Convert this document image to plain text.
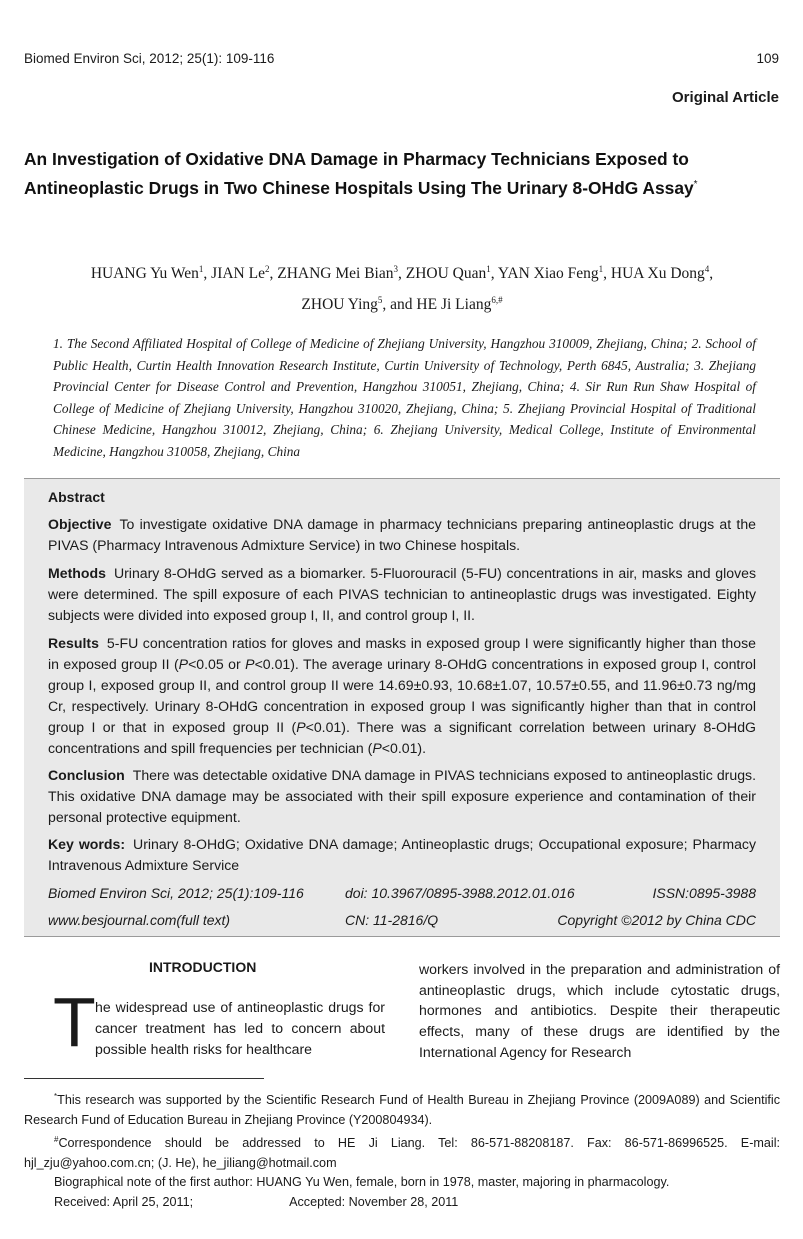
Biomed Environ Sci, 2012; 25(1): 109-116	109
Original Article
An Investigation of Oxidative DNA Damage in Pharmacy Technicians Exposed to Antineoplastic Drugs in Two Chinese Hospitals Using The Urinary 8-OHdG Assay*
HUANG Yu Wen$^1$, JIAN Le$^2$, ZHANG Mei Bian$^3$, ZHOU Quan$^1$, YAN Xiao Feng$^1$, HUA Xu Dong$^4$,
ZHOU Ying$^5$, and HE Ji Liang$^{6,\#}$
1. The Second Affiliated Hospital of College of Medicine of Zhejiang University, Hangzhou 310009, Zhejiang, China; 2. School of Public Health, Curtin Health Innovation Research Institute, Curtin University of Technology, Perth 6845, Australia; 3. Zhejiang Provincial Center for Disease Control and Prevention, Hangzhou 310051, Zhejiang, China; 4. Sir Run Run Shaw Hospital of College of Medicine of Zhejiang University, Hangzhou 310020, Zhejiang, China; 5. Zhejiang Provincial Hospital of Traditional Chinese Medicine, Hangzhou 310012, Zhejiang, China; 6. Zhejiang University, Medical College, Institute of Environmental Medicine, Hangzhou 310058, Zhejiang, China
Abstract
Objective To investigate oxidative DNA damage in pharmacy technicians preparing antineoplastic drugs at the PIVAS (Pharmacy Intravenous Admixture Service) in two Chinese hospitals.
Methods Urinary 8-OHdG served as a biomarker. 5-Fluorouracil (5-FU) concentrations in air, masks and gloves were determined. The spill exposure of each PIVAS technician to antineoplastic drugs was investigated. Eighty subjects were divided into exposed group I, II, and control group I, II.
Results 5-FU concentration ratios for gloves and masks in exposed group I were significantly higher than those in exposed group II (P<0.05 or P<0.01). The average urinary 8-OHdG concentrations in exposed group I, control group I, exposed group II, and control group II were 14.69±0.93, 10.68±1.07, 10.57±0.55, and 11.96±0.73 ng/mg Cr, respectively. Urinary 8-OHdG concentration in exposed group I was significantly higher than that in control group I or that in exposed group II (P<0.01). There was a significant correlation between urinary 8-OHdG concentrations and spill frequencies per technician (P<0.01).
Conclusion There was detectable oxidative DNA damage in PIVAS technicians exposed to antineoplastic drugs. This oxidative DNA damage may be associated with their spill exposure experience and contamination of their personal protective equipment.
Key words: Urinary 8-OHdG; Oxidative DNA damage; Antineoplastic drugs; Occupational exposure; Pharmacy Intravenous Admixture Service
Biomed Environ Sci, 2012; 25(1):109-116	doi: 10.3967/0895-3988.2012.01.016	ISSN:0895-3988
www.besjournal.com(full text)	CN: 11-2816/Q	Copyright ©2012 by China CDC
INTRODUCTION
T he widespread use of antineoplastic drugs for cancer treatment has led to concern about possible health risks for healthcare
workers involved in the preparation and administration of antineoplastic drugs, which include cytostatic drugs, hormones and antibiotics. Despite their therapeutic effects, many of these drugs are identified by the International Agency for Research
*This research was supported by the Scientific Research Fund of Health Bureau in Zhejiang Province (2009A089) and Scientific Research Fund of Education Bureau in Zhejiang Province (Y200804934).
#Correspondence should be addressed to HE Ji Liang. Tel: 86-571-88208187. Fax: 86-571-86996525. E-mail: hjl_zju@yahoo.com.cn; (J. He), he_jiliang@hotmail.com
Biographical note of the first author: HUANG Yu Wen, female, born in 1978, master, majoring in pharmacology.
Received: April 25, 2011;	Accepted: November 28, 2011
